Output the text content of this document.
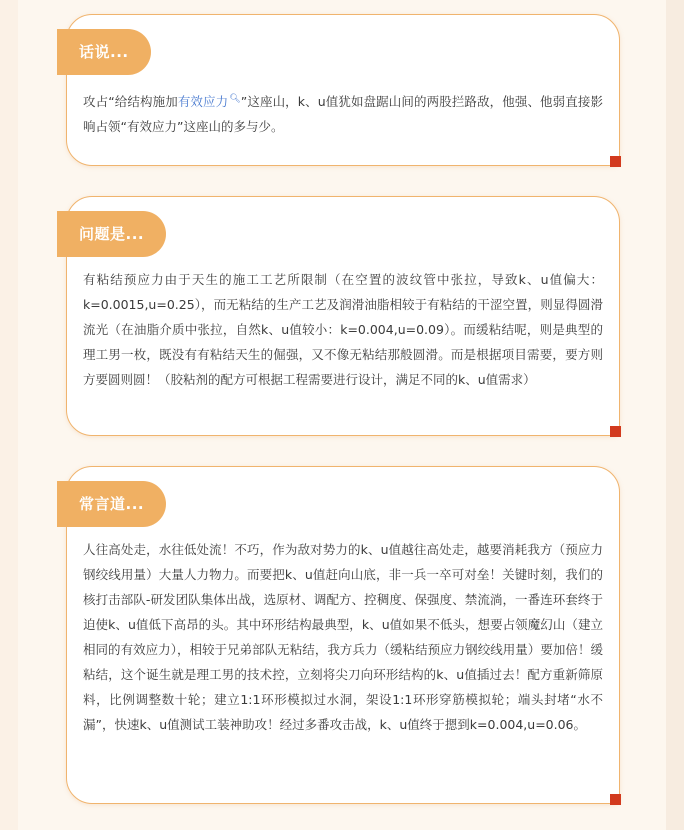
话说...
攻占“给结构施加有效应力🔍︎”这座山，k、u值犹如盘踞山间的两股拦路敌，他强、他弱直接影响占领“有效应力”这座山的多与少。
问题是...
有粘结预应力由于天生的施工工艺所限制（在空置的波纹管中张拉，导致k、u值偏大：k=0.0015,u=0.25），而无粘结的生产工艺及润滑油脂相较于有粘结的干涩空置，则显得圆滑流光（在油脂介质中张拉，自然k、u值较小：k=0.004,u=0.09）。而缓粘结呢，则是典型的理工男一枚，既没有有粘结天生的倔强，又不像无粘结那般圆滑。而是根据项目需要，要方则方要圆则圆！（胶粘剂的配方可根据工程需要进行设计，满足不同的k、u值需求）
常言道...
人往高处走，水往低处流！不巧，作为敌对势力的k、u值越往高处走，越要消耗我方（预应力钢绞线用量）大量人力物力。而要把k、u值赶向山底，非一兵一卒可对垒！关键时刻，我们的核打击部队-研发团队集体出战，选原材、调配方、控稠度、保强度、禁流淌，一番连环套终于迫使k、u值低下高昂的头。其中环形结构最典型，k、u值如果不低头，想要占领魔幻山（建立相同的有效应力），相较于兄弟部队无粘结，我方兵力（缓粘结预应力钢绞线用量）要加倍！缓粘结，这个诞生就是理工男的技术控，立刻将尖刀向环形结构的k、u值插过去！配方重新筛原料，比例调整数十轮；建立1:1环形模拟过水洞，架设1:1环形穿筋模拟轮；端头封堵“水不漏”，快速k、u值测试工装神助攻！经过多番攻击战，k、u值终于摁到k=0.004,u=0.06。
